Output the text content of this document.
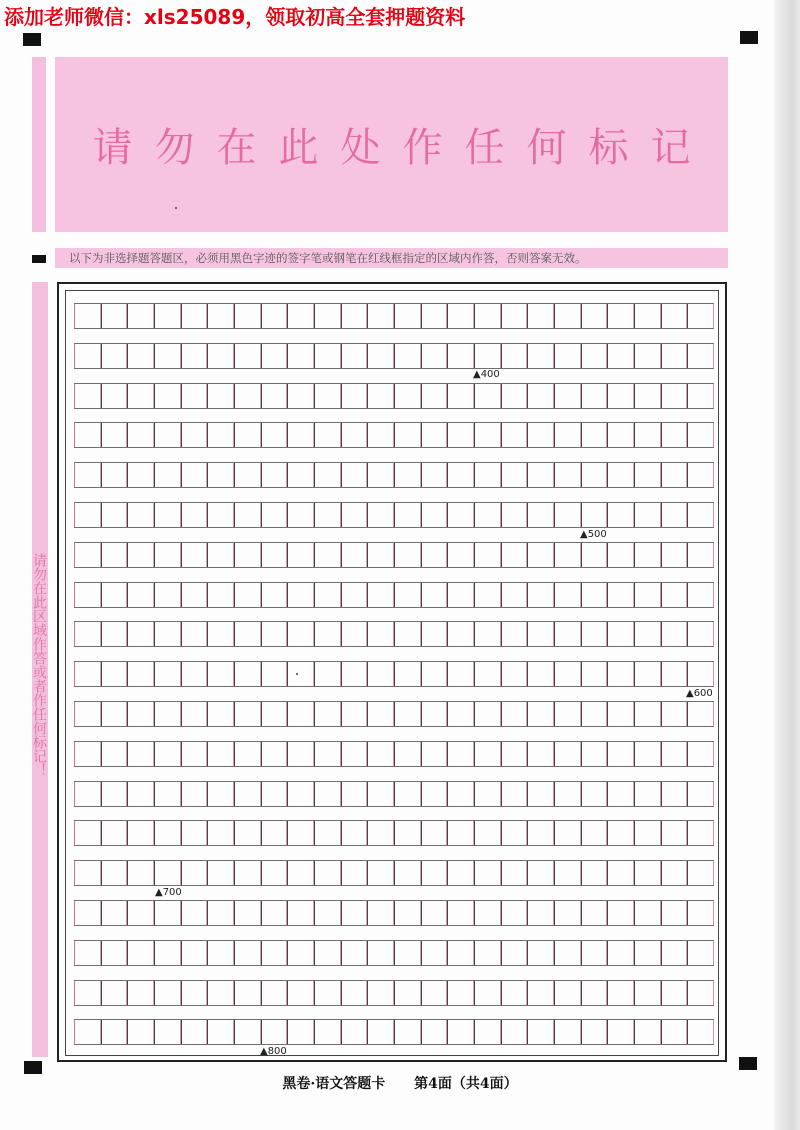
添加老师微信：xls25089，领取初高全套押题资料
请勿在此处作任何标记
以下为非选择题答题区，必须用黑色字迹的签字笔或钢笔在红线框指定的区域内作答，否则答案无效。
请勿在此区域作答或者作任何标记！
▲400
▲500
▲600
▲700
▲800
黑卷·语文答题卡 第4面（共4面）
